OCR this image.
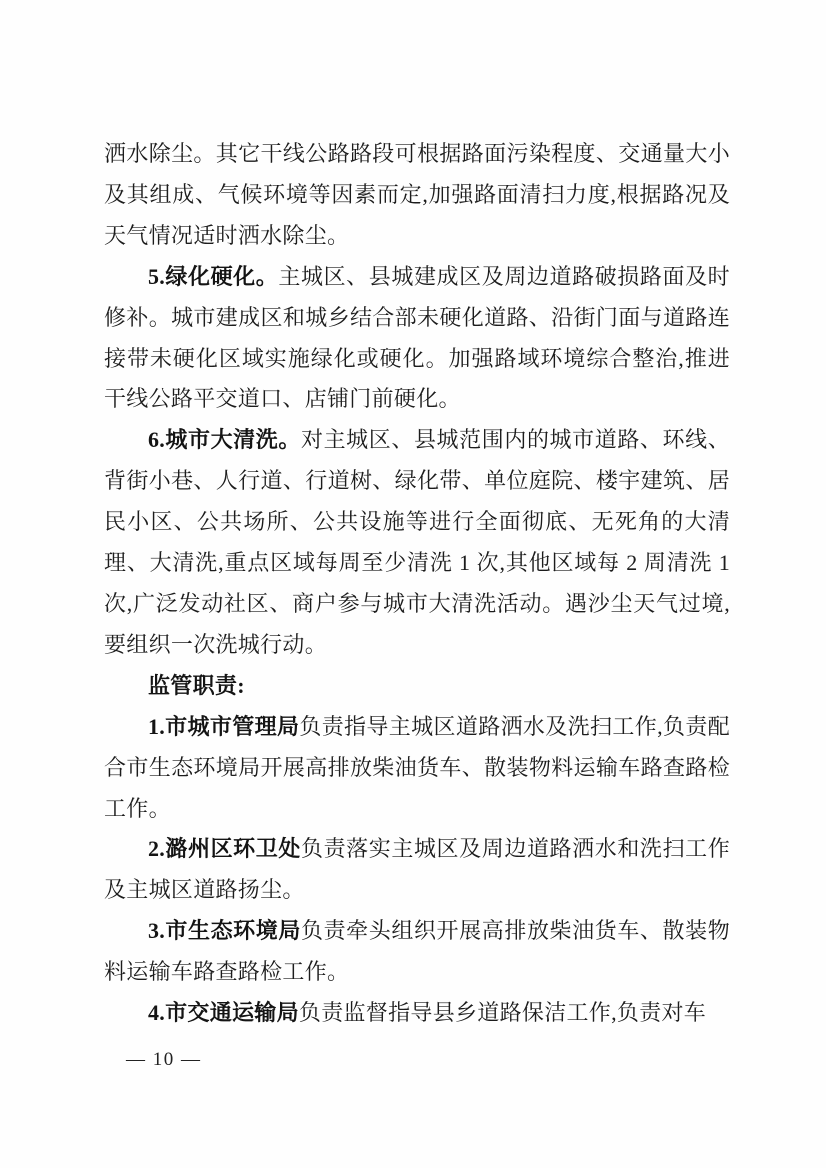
洒水除尘。其它干线公路路段可根据路面污染程度、交通量大小及其组成、气候环境等因素而定,加强路面清扫力度,根据路况及天气情况适时洒水除尘。

5.绿化硬化。主城区、县城建成区及周边道路破损路面及时修补。城市建成区和城乡结合部未硬化道路、沿街门面与道路连接带未硬化区域实施绿化或硬化。加强路域环境综合整治,推进干线公路平交道口、店铺门前硬化。

6.城市大清洗。对主城区、县城范围内的城市道路、环线、背街小巷、人行道、行道树、绿化带、单位庭院、楼宇建筑、居民小区、公共场所、公共设施等进行全面彻底、无死角的大清理、大清洗,重点区域每周至少清洗 1 次,其他区域每 2 周清洗 1 次,广泛发动社区、商户参与城市大清洗活动。遇沙尘天气过境,要组织一次洗城行动。

监管职责:

1.市城市管理局负责指导主城区道路洒水及洗扫工作,负责配合市生态环境局开展高排放柴油货车、散装物料运输车路查路检工作。

2.潞州区环卫处负责落实主城区及周边道路洒水和洗扫工作及主城区道路扬尘。

3.市生态环境局负责牵头组织开展高排放柴油货车、散装物料运输车路查路检工作。

4.市交通运输局负责监督指导县乡道路保洁工作,负责对车

— 10 —
